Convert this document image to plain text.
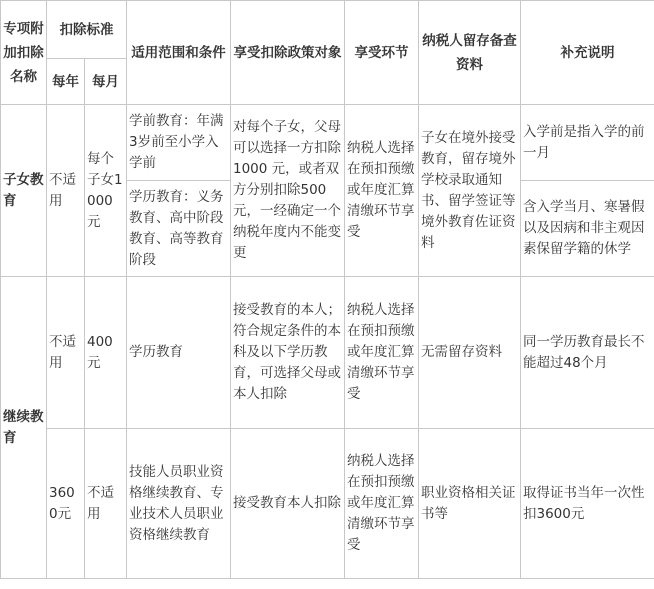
专项附加扣除名称	扣除标准		适用范围和条件	享受扣除政策对象	享受环节	纳税人留存备查资料	补充说明
	每年	每月					
子女教育	不适用	每个子女1000元	学前教育：年满3岁前至小学入学前	对每个子女，父母可以选择一方扣除1000 元，或者双方分别扣除500元，一经确定一个纳税年度内不能变更	纳税人选择在预扣预缴或年度汇算清缴环节享受	子女在境外接受教育，留存境外学校录取通知书、留学签证等境外教育佐证资料	入学前是指入学的前一月
			学历教育：义务教育、高中阶段教育、高等教育阶段				含入学当月、寒暑假以及因病和非主观因素保留学籍的休学
继续教育	不适用	400元	学历教育	接受教育的本人；符合规定条件的本科及以下学历教育，可选择父母或本人扣除	纳税人选择在预扣预缴或年度汇算清缴环节享受	无需留存资料	同一学历教育最长不能超过48个月
	3600元	不适用	技能人员职业资格继续教育、专业技术人员职业资格继续教育	接受教育本人扣除	纳税人选择在预扣预缴或年度汇算清缴环节享受	职业资格相关证书等	取得证书当年一次性扣3600元
